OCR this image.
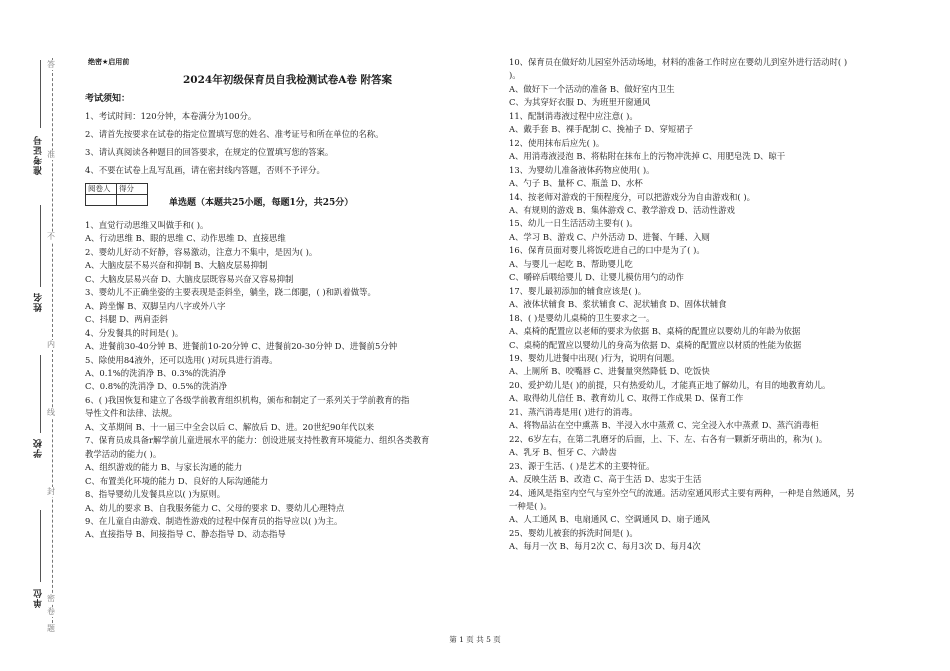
准考证号
姓名
学校
单位 密
封
线
内
不
准
答
题
卷
绝密★启用前
2024年初级保育员自我检测试卷A卷 附答案
考试须知：
1、考试时间：120分钟，本卷满分为100分。
2、请首先按要求在试卷的指定位置填写您的姓名、准考证号和所在单位的名称。
3、请认真阅读各种题目的回答要求，在规定的位置填写您的答案。
4、不要在试卷上乱写乱画，请在密封线内答题，否则不予评分。
阅卷人	得分

单选题（本题共25小题，每题1分，共25分）
1、直觉行动思维又叫做手和( )。
A、行动思维 B、眼的思维 C、动作思维 D、直接思维
2、婴幼儿好动不好静，容易激动，注意力不集中，是因为( )。
A、大脑皮层不易兴奋和抑制 B、大脑皮层易抑制
C、大脑皮层易兴奋 D、大脑皮层既容易兴奋又容易抑制
3、婴幼儿不正确坐姿的主要表现是歪斜坐，躺坐，跷二郎腿，( )和趴着做等。
A、跨坐懈 B、双脚呈内八字或外八字
C、抖腿 D、两肩歪斜
4、分发餐具的时间是( )。
A、进餐前30-40分钟 B、进餐前10-20分钟 C、进餐前20-30分钟 D、进餐前5分钟
5、除使用84液外，还可以选用( )对玩具进行消毒。
A、0.1%的洗消净 B、0.3%的洗消净
C、0.8%的洗消净 D、0.5%的洗消净
6、( )我国恢复和建立了各级学前教育组织机构，颁布和制定了一系列关于学前教育的指
导性文件和法律、法规。
A、文革期间 B、十一届三中全会以后 C、解放后 D、进。20世纪90年代以来
7、保育员成具备r解学前儿童进展水平的能力：创设进展支持性教育环境能力、组织各类教育
教学活动的能力( )。
A、组织游戏的能力 B、与家长沟通的能力
C、布置美化环境的能力 D、良好的人际沟通能力
8、指导婴幼儿发餐具应以( )为原则。
A、幼儿的要求 B、自我服务能力 C、父母的要求 D、婴幼儿心理特点
9、在儿童自由游戏、制造性游戏的过程中保育员的指导应以( )为主。
A、直接指导 B、间接指导 C、静态指导 D、动态指导
10、保育员在做好幼儿园室外活动场地，材料的准备工作时应在婴幼儿到室外进行活动时( )
)。
A、做好下一个活动的准备 B、做好室内卫生
C、为其穿好衣服 D、为班里开窗通风
11、配制消毒液过程中应注意( )。
A、戴手套 B、裸手配制 C、挽袖子 D、穿短裙子
12、使用抹布后应先( )。
A、用消毒液浸泡 B、将粘附在抹布上的污物冲洗掉 C、用肥皂洗 D、晾干
13、为婴幼儿准备液体药物应使用( )。
A、勺子 B、量杯 C、瓶盖 D、水杯
14、按老师对游戏的干预程度分，可以把游戏分为自由游戏和( )。
A、有规则的游戏 B、集体游戏 C、教学游戏 D、活动性游戏
15、幼儿一日生活活动主要有( )。
A、学习 B、游戏 C、户外活动 D、进餐、午睡、入厕
16、保育员面对婴儿将饭吃进自己的口中是为了( )。
A、与婴儿一起吃 B、帮助婴儿吃
C、嚼碎后喂给婴儿 D、让婴儿模仿用勺的动作
17、婴儿最初添加的辅食应该是( )。
A、液体状辅食 B、浆状辅食 C、泥状辅食 D、固体状辅食
18、( )是婴幼儿桌椅的卫生要求之一。
A、桌椅的配置应以老师的要求为依据 B、桌椅的配置应以婴幼儿的年龄为依据
C、桌椅的配置应以婴幼儿的身高为依据 D、桌椅的配置应以材质的性能为依据
19、婴幼儿进餐中出现( )行为，说明有问题。
A、上厕所 B、咬嘴唇 C、进餐量突然降低 D、吃饭快
20、爱护幼儿是( )的前提，只有热爱幼儿，才能真正地了解幼儿，有目的地教育幼儿。
A、取得幼儿信任 B、教育幼儿 C、取得工作成果 D、保育工作
21、蒸汽消毒是用( )进行的消毒。
A、将物品沾在空中熏蒸 B、半浸入水中蒸煮 C、完全浸入水中蒸煮 D、蒸汽消毒柜
22、6岁左右，在第二乳磨牙的后面，上、下、左、右各有一颗新牙萌出的，称为( )。
A、乳牙 B、恒牙 C、六龄齿
23、源于生活、( )是艺术的主要特征。
A、反映生活 B、改造 C、高于生活 D、忠实于生活
24、通风是指室内空气与室外空气的流通。活动室通风形式主要有两种，一种是自然通风，另
一种是( )。
A、人工通风 B、电扇通风 C、空调通风 D、扇子通风
25、婴幼儿被套的拆洗时间是( )。
A、每月一次 B、每月2次 C、每月3次 D、每月4次
第 1 页 共 5 页
